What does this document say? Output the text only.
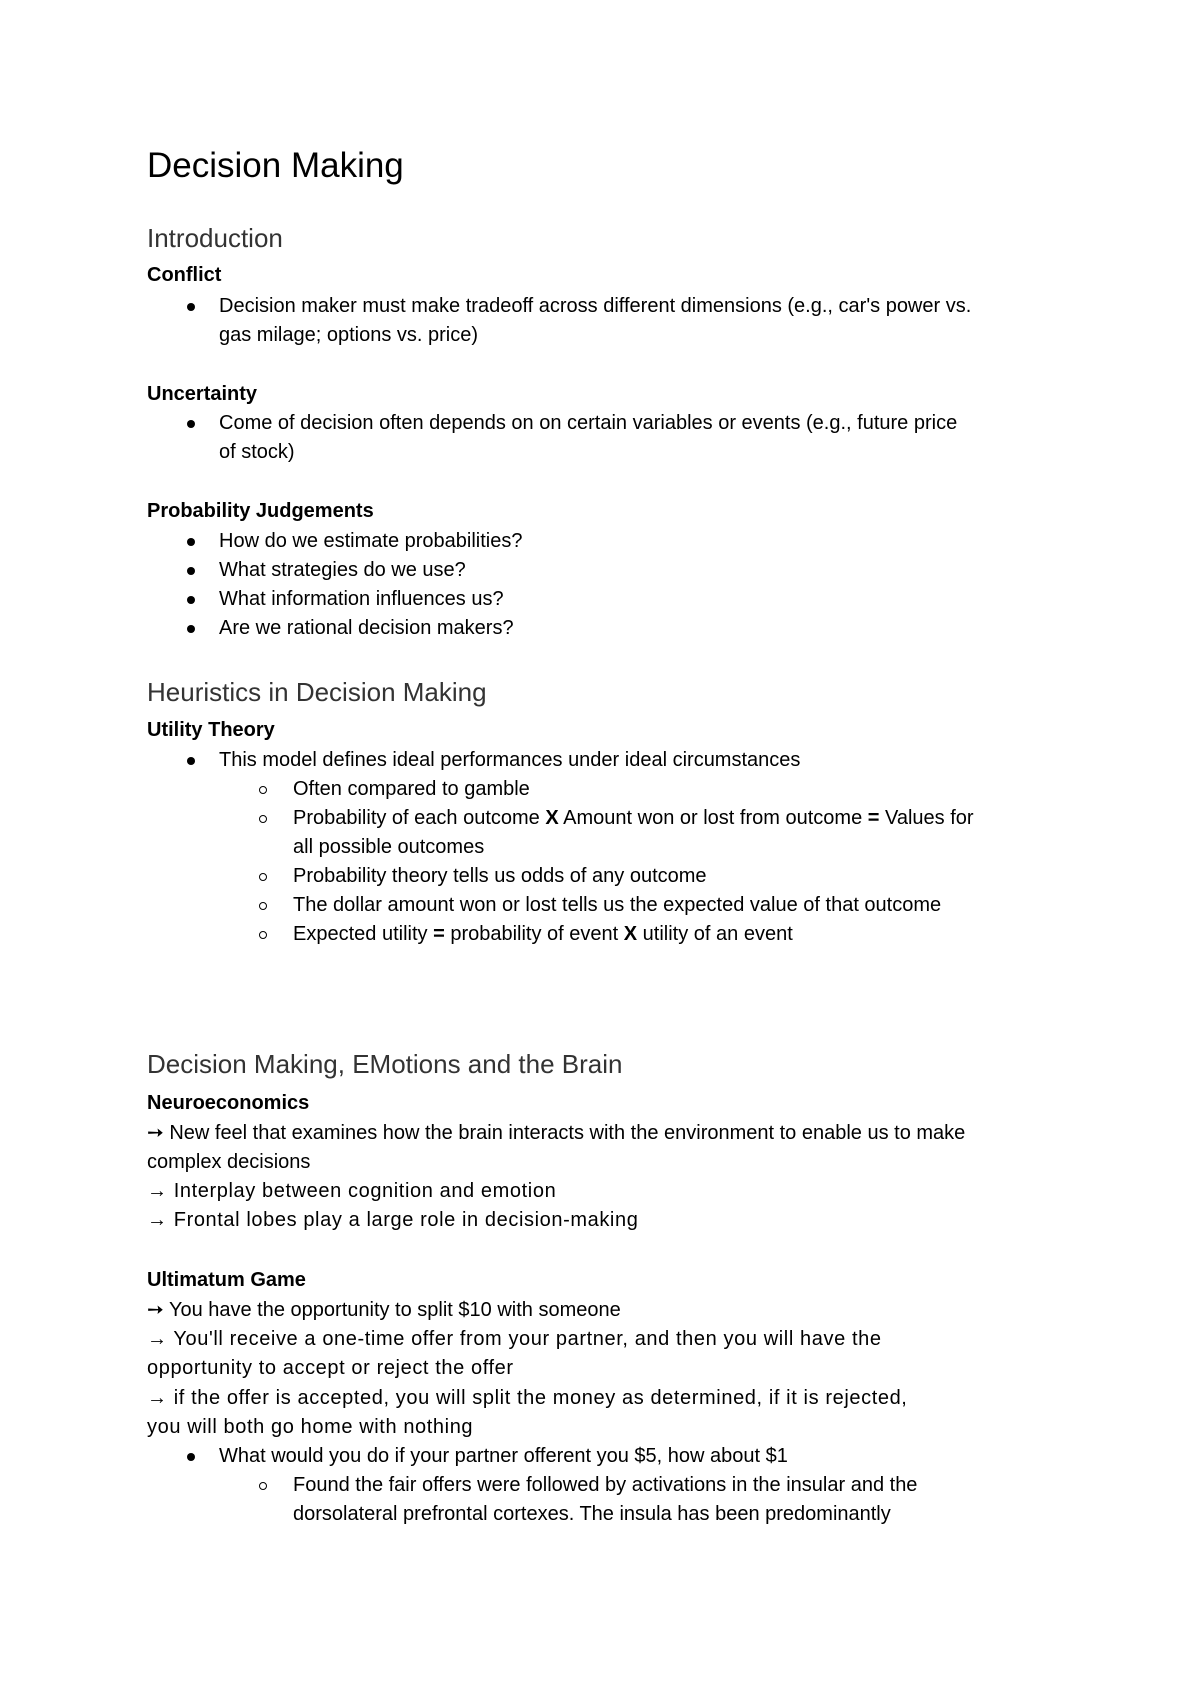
Decision Making
Introduction
Conflict
Decision maker must make tradeoff across different dimensions (e.g., car's power vs.
gas milage; options vs. price)
Uncertainty
Come of decision often depends on on certain variables or events (e.g., future price
of stock)
Probability Judgements
How do we estimate probabilities?
What strategies do we use?
What information influences us?
Are we rational decision makers?
Heuristics in Decision Making
Utility Theory
This model defines ideal performances under ideal circumstances
Often compared to gamble
Probability of each outcome X Amount won or lost from outcome = Values for
all possible outcomes
Probability theory tells us odds of any outcome
The dollar amount won or lost tells us the expected value of that outcome
Expected utility = probability of event X utility of an event
Decision Making, EMotions and the Brain
Neuroeconomics
➙ New feel that examines how the brain interacts with the environment to enable us to make
complex decisions
→ Interplay between cognition and emotion
→ Frontal lobes play a large role in decision-making
Ultimatum Game
➙ You have the opportunity to split $10 with someone
→ You'll receive a one-time offer from your partner, and then you will have the
opportunity to accept or reject the offer
→ if the offer is accepted, you will split the money as determined, if it is rejected,
you will both go home with nothing
What would you do if your partner offerent you $5, how about $1
Found the fair offers were followed by activations in the insular and the
dorsolateral prefrontal cortexes. The insula has been predominantly
